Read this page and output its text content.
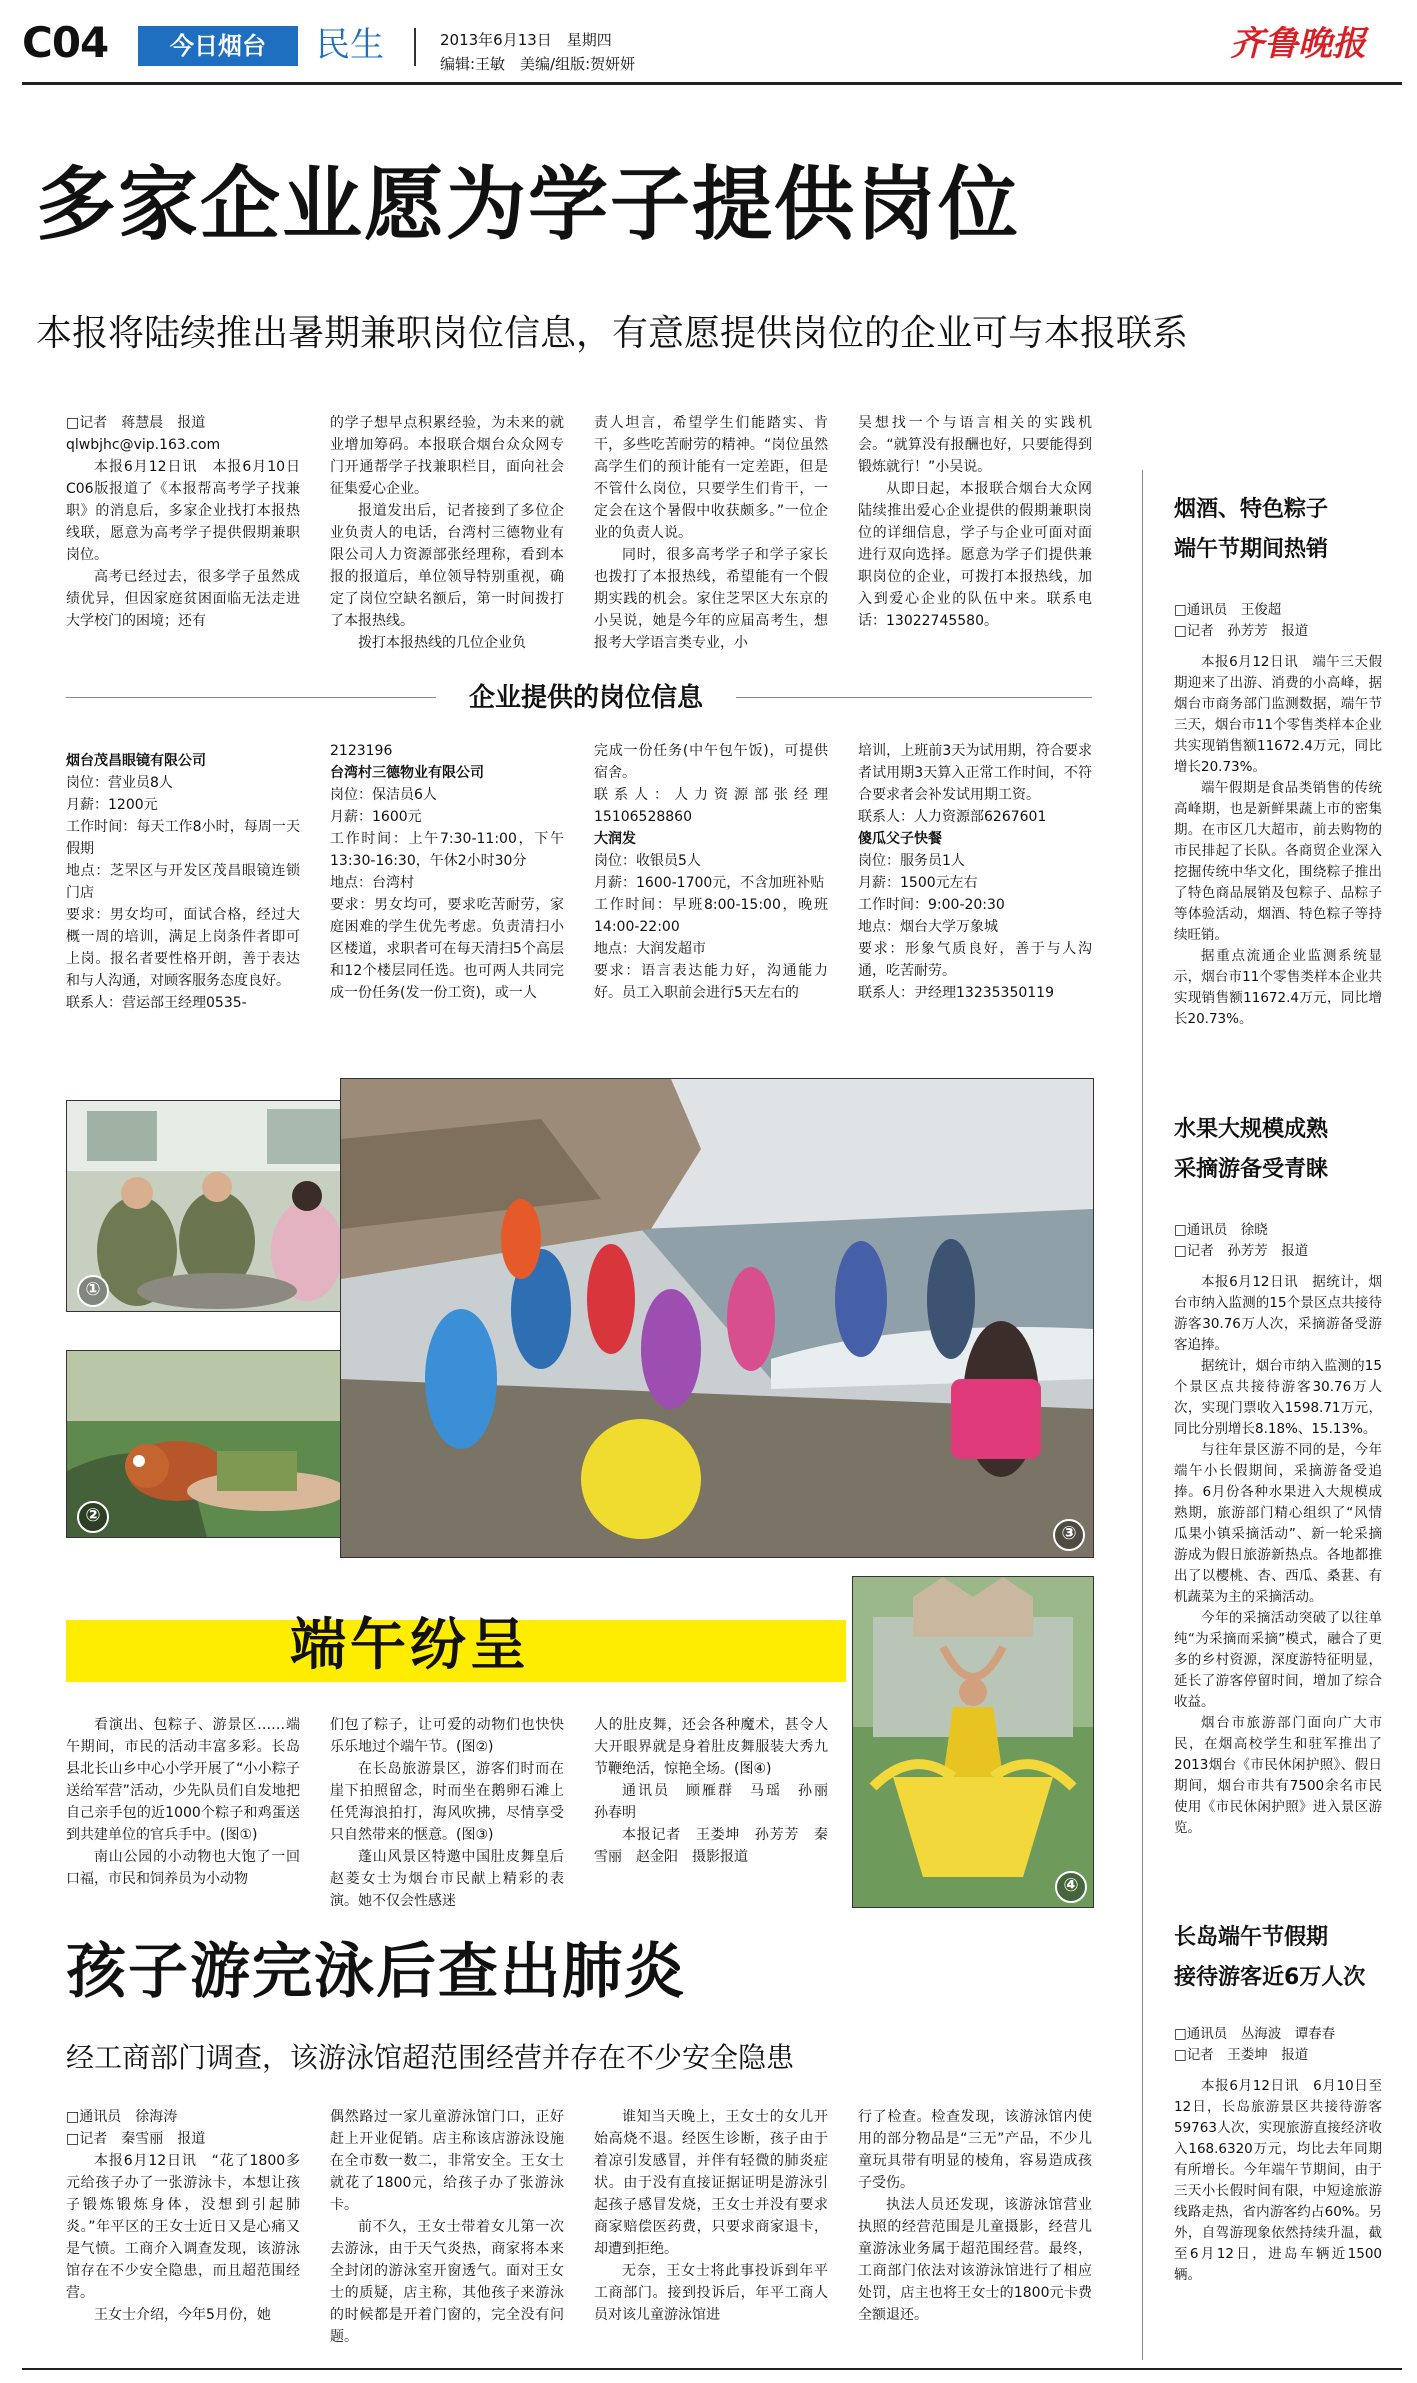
C04	今日烟台	民生	2013年6月13日　星期四
编辑:王敏　美编/组版:贺妍妍	齐鲁晚报
多家企业愿为学子提供岗位
本报将陆续推出暑期兼职岗位信息，有意愿提供岗位的企业可与本报联系

□记者　蒋慧晨　报道

qlwbjhc@vip.163.com

本报6月12日讯　本报6月10日C06版报道了《本报帮高考学子找兼职》的消息后，多家企业找打本报热线联，愿意为高考学子提供假期兼职岗位。

高考已经过去，很多学子虽然成绩优异，但因家庭贫困面临无法走进大学校门的困境；还有

的学子想早点积累经验，为未来的就业增加筹码。本报联合烟台众众网专门开通帮学子找兼职栏目，面向社会征集爱心企业。

报道发出后，记者接到了多位企业负责人的电话，台湾村三德物业有限公司人力资源部张经理称，看到本报的报道后，单位领导特别重视，确定了岗位空缺名额后，第一时间拨打了本报热线。

拨打本报热线的几位企业负

责人坦言，希望学生们能踏实、肯干，多些吃苦耐劳的精神。“岗位虽然高学生们的预计能有一定差距，但是不管什么岗位，只要学生们肯干，一定会在这个暑假中收获颇多。”一位企业的负责人说。

同时，很多高考学子和学子家长也拨打了本报热线，希望能有一个假期实践的机会。家住芝罘区大东京的小吴说，她是今年的应届高考生，想报考大学语言类专业，小

吴想找一个与语言相关的实践机会。“就算没有报酬也好，只要能得到锻炼就行！”小吴说。

从即日起，本报联合烟台大众网陆续推出爱心企业提供的假期兼职岗位的详细信息，学子与企业可面对面进行双向选择。愿意为学子们提供兼职岗位的企业，可拨打本报热线，加入到爱心企业的队伍中来。联系电话：13022745580。

企业提供的岗位信息

烟台茂昌眼镜有限公司

岗位：营业员8人

月薪：1200元

工作时间：每天工作8小时，每周一天假期

地点：芝罘区与开发区茂昌眼镜连锁门店

要求：男女均可，面试合格，经过大概一周的培训，满足上岗条件者即可上岗。报名者要性格开朗，善于表达和与人沟通，对顾客服务态度良好。

联系人：营运部王经理0535-

2123196

台湾村三德物业有限公司

岗位：保洁员6人

月薪：1600元

工作时间：上午7:30-11:00，下午13:30-16:30，午休2小时30分

地点：台湾村

要求：男女均可，要求吃苦耐劳，家庭困难的学生优先考虑。负责清扫小区楼道，求职者可在每天清扫5个高层和12个楼层同任选。也可两人共同完成一份任务(发一份工资)，或一人

完成一份任务(中午包午饭)，可提供宿舍。

联系人：人力资源部张经理15106528860

大润发

岗位：收银员5人

月薪：1600-1700元，不含加班补贴

工作时间：早班8:00-15:00，晚班14:00-22:00

地点：大润发超市

要求：语言表达能力好，沟通能力好。员工入职前会进行5天左右的

培训，上班前3天为试用期，符合要求者试用期3天算入正常工作时间，不符合要求者会补发试用期工资。

联系人：人力资源部6267601

傻瓜父子快餐

岗位：服务员1人

月薪：1500元左右

工作时间：9:00-20:30

地点：烟台大学万象城

要求：形象气质良好，善于与人沟通，吃苦耐劳。

联系人：尹经理13235350119

①
②
③
④
端午纷呈

看演出、包粽子、游景区……端午期间，市民的活动丰富多彩。长岛县北长山乡中心小学开展了“小小粽子送给军营”活动，少先队员们自发地把自己亲手包的近1000个粽子和鸡蛋送到共建单位的官兵手中。(图①)

南山公园的小动物也大饱了一回口福，市民和饲养员为小动物

们包了粽子，让可爱的动物们也快快乐乐地过个端午节。(图②)

在长岛旅游景区，游客们时而在崖下拍照留念，时而坐在鹅卵石滩上任凭海浪拍打，海风吹拂，尽情享受只自然带来的惬意。(图③)

蓬山风景区特邀中国肚皮舞皇后赵菱女士为烟台市民献上精彩的表演。她不仅会性感迷

人的肚皮舞，还会各种魔术，甚令人大开眼界就是身着肚皮舞服装大秀九节鞭绝活，惊艳全场。(图④)

通讯员　顾雁群　马瑶　孙丽　孙春明

本报记者　王娄坤　孙芳芳　秦雪丽　赵金阳　摄影报道

孩子游完泳后查出肺炎
经工商部门调查，该游泳馆超范围经营并存在不少安全隐患

□通讯员　徐海涛

□记者　秦雪丽　报道

本报6月12日讯　“花了1800多元给孩子办了一张游泳卡，本想让孩子锻炼锻炼身体，没想到引起肺炎。”年平区的王女士近日又是心痛又是气愤。工商介入调查发现，该游泳馆存在不少安全隐患，而且超范围经营。

王女士介绍，今年5月份，她

偶然路过一家儿童游泳馆门口，正好赶上开业促销。店主称该店游泳设施在全市数一数二，非常安全。王女士就花了1800元，给孩子办了张游泳卡。

前不久，王女士带着女儿第一次去游泳，由于天气炎热，商家将本来全封闭的游泳室开窗透气。面对王女士的质疑，店主称，其他孩子来游泳的时候都是开着门窗的，完全没有问题。

谁知当天晚上，王女士的女儿开始高烧不退。经医生诊断，孩子由于着凉引发感冒，并伴有轻微的肺炎症状。由于没有直接证据证明是游泳引起孩子感冒发烧，王女士并没有要求商家赔偿医药费，只要求商家退卡，却遭到拒绝。

无奈，王女士将此事投诉到年平工商部门。接到投诉后，年平工商人员对该儿童游泳馆进

行了检查。检查发现，该游泳馆内使用的部分物品是“三无”产品，不少儿童玩具带有明显的棱角，容易造成孩子受伤。

执法人员还发现，该游泳馆营业执照的经营范围是儿童摄影，经营儿童游泳业务属于超范围经营。最终，工商部门依法对该游泳馆进行了相应处罚，店主也将王女士的1800元卡费全额退还。

烟酒、特色粽子
端午节期间热销

□通讯员　王俊超

□记者　孙芳芳　报道

本报6月12日讯　端午三天假期迎来了出游、消费的小高峰，据烟台市商务部门监测数据，端午节三天，烟台市11个零售类样本企业共实现销售额11672.4万元，同比增长20.73%。

端午假期是食品类销售的传统高峰期，也是新鲜果蔬上市的密集期。在市区几大超市，前去购物的市民排起了长队。各商贸企业深入挖掘传统中华文化，围绕粽子推出了特色商品展销及包粽子、品粽子等体验活动，烟酒、特色粽子等持续旺销。

据重点流通企业监测系统显示，烟台市11个零售类样本企业共实现销售额11672.4万元，同比增长20.73%。

水果大规模成熟
采摘游备受青睐

□通讯员　徐晓

□记者　孙芳芳　报道

本报6月12日讯　据统计，烟台市纳入监测的15个景区点共接待游客30.76万人次，采摘游备受游客追捧。

据统计，烟台市纳入监测的15个景区点共接待游客30.76万人次，实现门票收入1598.71万元，同比分别增长8.18%、15.13%。

与往年景区游不同的是，今年端午小长假期间，采摘游备受追捧。6月份各种水果进入大规模成熟期，旅游部门精心组织了“风情瓜果小镇采摘活动”、新一轮采摘游成为假日旅游新热点。各地都推出了以樱桃、杏、西瓜、桑葚、有机蔬菜为主的采摘活动。

今年的采摘活动突破了以往单纯“为采摘而采摘”模式，融合了更多的乡村资源，深度游特征明显，延长了游客停留时间，增加了综合收益。

烟台市旅游部门面向广大市民，在烟高校学生和驻军推出了2013烟台《市民休闲护照》、假日期间，烟台市共有7500余名市民使用《市民休闲护照》进入景区游览。

长岛端午节假期
接待游客近6万人次

□通讯员　丛海波　谭春春

□记者　王娄坤　报道

本报6月12日讯　6月10日至12日，长岛旅游景区共接待游客59763人次，实现旅游直接经济收入168.6320万元，均比去年同期有所增长。今年端午节期间，由于三天小长假时间有限，中短途旅游线路走热，省内游客约占60%。另外，自驾游现象依然持续升温，截至6月12日，进岛车辆近1500辆。
